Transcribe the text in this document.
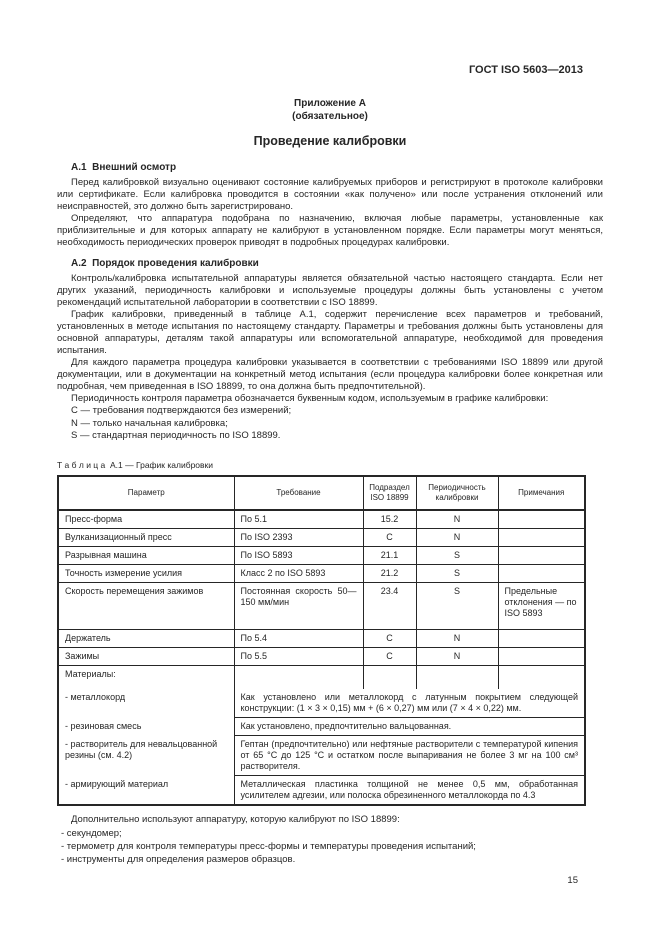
ГОСТ ISO 5603—2013
Приложение А
(обязательное)
Проведение калибровки
А.1  Внешний осмотр

Перед калибровкой визуально оценивают состояние калибруемых приборов и регистрируют в протоколе калибровки или сертификате. Если калибровка проводится в состоянии «как получено» или после устранения отклонений или неисправностей, это должно быть зарегистрировано.

Определяют, что аппаратура подобрана по назначению, включая любые параметры, установленные как приблизительные и для которых аппарату не калибруют в установленном порядке. Если параметры могут меняться, необходимость периодических проверок приводят в подробных процедурах калибровки.

А.2  Порядок проведения калибровки

Контроль/калибровка испытательной аппаратуры является обязательной частью настоящего стандарта. Если нет других указаний, периодичность калибровки и используемые процедуры должны быть установлены с учетом рекомендаций испытательной лаборатории в соответствии с ISO 18899.

График калибровки, приведенный в таблице А.1, содержит перечисление всех параметров и требований, установленных в методе испытания по настоящему стандарту. Параметры и требования должны быть установлены для основной аппаратуры, деталям такой аппаратуры или вспомогательной аппаратуре, необходимой для проведения испытания.

Для каждого параметра процедура калибровки указывается в соответствии с требованиями ISO 18899 или другой документации, или в документации на конкретный метод испытания (если процедура калибровки более конкретная или подробная, чем приведенная в ISO 18899, то она должна быть предпочтительной).

Периодичность контроля параметра обозначается буквенным кодом, используемым в графике калибровки:

С — требования подтверждаются без измерений;
N — только начальная калибровка;
S — стандартная периодичность по ISO 18899.
Т а б л и ц а  А.1 — График калибровки
Параметр	Требование	Подраздел ISO 18899	Периодичность калибровки	Примечания
Пресс-форма	По 5.1	15.2	N	
Вулканизационный пресс	По ISO 2393	С	N	
Разрывная машина	По ISO 5893	21.1	S	
Точность измерение усилия	Класс 2 по ISO 5893	21.2	S	
Скорость перемещения зажимов	Постоянная скорость 50—150 мм/мин	23.4	S	Предельные отклонения — по ISO 5893
Держатель	По 5.4	С	N	
Зажимы	По 5.5	С	N	
Материалы:				
- металлокорд	Как установлено или металлокорд с латунным покрытием следующей конструкции: (1 × 3 × 0,15) мм + (6 × 0,27) мм или (7 × 4 × 0,22) мм.			
- резиновая смесь	Как установлено, предпочтительно вальцованная.			
- растворитель для невальцованной резины (см. 4.2)	Гептан (предпочтительно) или нефтяные растворители с температурой кипения от 65 °С до 125 °С и остатком после выпаривания не более 3 мг на 100 см³ растворителя.			
- армирующий материал	Металлическая пластинка толщиной не менее 0,5 мм, обработанная усилителем адгезии, или полоска обрезиненного металлокорда по 4.3			

Дополнительно используют аппаратуру, которую калибруют по ISO 18899:

- секундомер;
- термометр для контроля температуры пресс-формы и температуры проведения испытаний;
- инструменты для определения размеров образцов.
15
